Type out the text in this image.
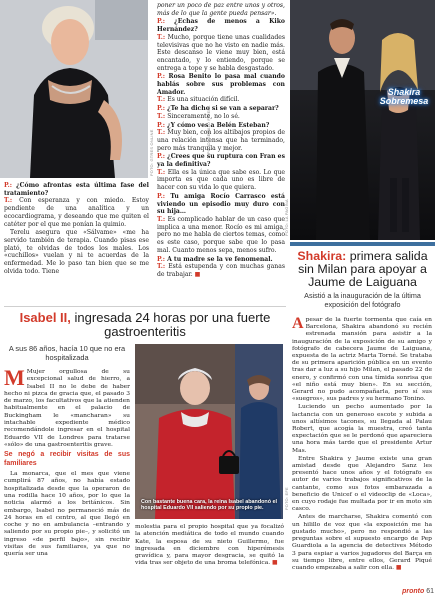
FOTO: GTRES ONLINE

P.: ¿Cómo afrontas esta última fase del tratamiento?
T.: Con esperanza y con miedo. Estoy pendiente de una analítica y un ecocardiograma, y deseando que me quiten el catéter por el que me ponían la quimio.

Terelu asegura que «Sálvame» «me ha servido también de terapia. Cuando pisas ese plató, te olvidas de todos los males. Los «cuchillos» vuelan y ni te acuerdas de la enfermedad. Me lo paso tan bien que se me olvida todo. Tiene

poner un poco de paz entre unos y otros, más de lo que la gente pueda pensar».

P.: ¿Echas de menos a Kiko Hernández?
T.: Mucho, porque tiene unas cualidades televisivas que no he visto en nadie más. Este descanso le viene muy bien, está encantado, y lo entiendo, porque se entrega a tope y se habla desgastado.

P.: Rosa Benito lo pasa mal cuando hablás sobre sus problemas con Amador.
T.: Es una situación difícil.

P.: ¿Te ha dicho si se van a separar?
T.: Sinceramente, no lo sé.

P.: ¿Y cómo ves a Belén Esteban?
T.: Muy bien, con los altibajos propios de una relación intensa que ha terminado, pero más tranquila y mejor.

P.: ¿Crees que su ruptura con Fran es ya la definitiva?
T.: Ella es la única que sabe eso. Lo que importa es que cada uno es libre de hacer con su vida lo que quiera.

P.: Tu amiga Rocío Carrasco está viviendo un episodio muy duro con su hija…
T.: Es complicado hablar de un caso que implica a una menor. Rocío es mi amiga, pero no me habla de ciertos temas, como es este caso, porque sabe que lo pasa mal. Cuanto menos sepa, menos sufro.

P.: A tu madre se la ve fenomenal.
T.: Está estupenda y con muchas ganas de trabajar. ■

FOTO: GERALD FRIEDL
Shakira Sobremesa
FOTO: LA PAGINA
Shakira: primera salida sin Milan para apoyar a Jaume de Laiguana
Asistió a la inauguración de la última exposición del fotógrafo

A pesar de la fuerte tormenta que caía en Barcelona, Shakira abandonó su recién estrenada mansión para asistir a la inauguración de la exposición de su amigo y fotógrafo de cabecera Jaume de Laiguana, expuesta de la actriz Marta Torné. Se trataba de su primera aparición pública en un evento tras dar a luz a su hijo Milan, el pasado 22 de enero, y confirmó con una tímida sonrisa que «el niño está muy bien». En su sección, Gerard no pudo acompañarla, pero sí sus «suegros», sus padres y su hermano Tonino.

Luciendo un pecho aumentado por la lactancia con un generoso escote y subida a unos altísimos tacones, su llegada al Palau Robert, que acogía la muestra, creó tanta expectación que se le perdonó que apareciera una hora más tarde que el presidente Artur Mas.

Entre Shakira y Jaume existe una gran amistad desde que Alejandro Sanz les presentó hace unos años y el fotógrafo es autor de varios trabajos significativos de la cantante, como sus fotos embarazada a beneficio de Unicef o el videoclip de «Loca», en cuyo rodaje fue multada por ir en moto sin casco.

Antes de marcharse, Shakira comentó con un hilillo de voz que «la exposición me ha gustado mucho», pero no respondió a las preguntas sobre el supuesto encargo de Pep Guardiola a la agencia de detectives Método 3 para espiar a varios jugadores del Barça en su tiempo libre, entre ellos, Gerard Piqué cuando empezaba a salir con ella. ■

Isabel II, ingresada 24 horas por una fuerte gastroenteritis
A sus 86 años, hacía 10 que no era hospitalizada

M Mujer orgullosa de su excepcional salud de hierro, a Isabel II no le debe de haber hecho ni pizca de gracia que, el pasado 3 de marzo, los facultativos que la atienden habitualmente en el palacio de Buckingham le «mancharan» su intachable expediente médico recomendándole ingresar en el hospital Eduardo VII de Londres para tratarse «sólo» de una gastroenteritis grave.

Se negó a recibir visitas de sus familiares

La monarca, que el mes que viene cumplirá 87 años, no había estado hospitalizada desde que la operaron de una rodilla hace 10 años, por lo que la noticia alarmó a los británicos. Sin embargo, Isabel no permaneció más de 24 horas en el centro, al que llegó en coche y no en ambulancia –entrando y saliendo por su propio pie–, y solicitó un ingreso «de perfil bajo», sin recibir visitas de sus familiares, ya que no quería ser una

Con bastante buena cara, la reina Isabel abandonó el hospital Eduardo VII saliendo por su propio pie.	FOTO: EFE

molestia para el propio hospital que ya focalizó la atención mediática de todo el mundo cuando Kate, la esposa de su nieto Guillermo, fue ingresada en diciembre con hiperémesis gravídica y, para mayor desgracia, se quitó la vida tras ser objeto de una broma telefónica. ■

pronto 61
